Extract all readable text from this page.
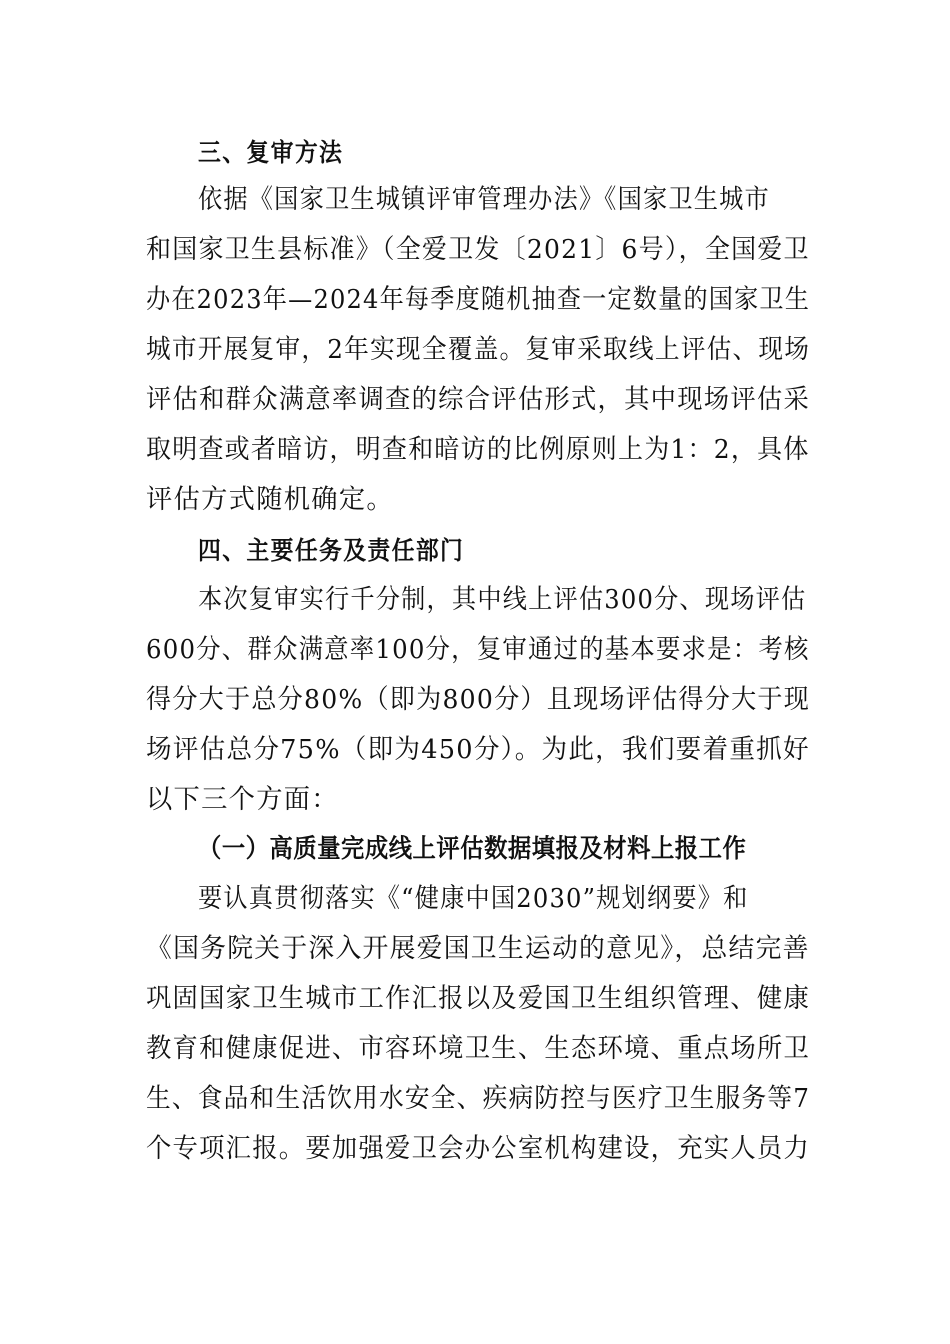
三、复审方法
依据《国家卫生城镇评审管理办法》《国家卫生城市
和国家卫生县标准》（全爱卫发〔2021〕6号），全国爱卫
办在2023年—2024年每季度随机抽查一定数量的国家卫生
城市开展复审，2年实现全覆盖。复审采取线上评估、现场
评估和群众满意率调查的综合评估形式，其中现场评估采
取明查或者暗访，明查和暗访的比例原则上为1：2，具体
评估方式随机确定。
四、主要任务及责任部门
本次复审实行千分制，其中线上评估300分、现场评估
600分、群众满意率100分，复审通过的基本要求是：考核
得分大于总分80%（即为800分）且现场评估得分大于现
场评估总分75%（即为450分）。为此，我们要着重抓好
以下三个方面：
（一）高质量完成线上评估数据填报及材料上报工作
要认真贯彻落实《“健康中国2030”规划纲要》和
《国务院关于深入开展爱国卫生运动的意见》，总结完善
巩固国家卫生城市工作汇报以及爱国卫生组织管理、健康
教育和健康促进、市容环境卫生、生态环境、重点场所卫
生、食品和生活饮用水安全、疾病防控与医疗卫生服务等7
个专项汇报。要加强爱卫会办公室机构建设，充实人员力
